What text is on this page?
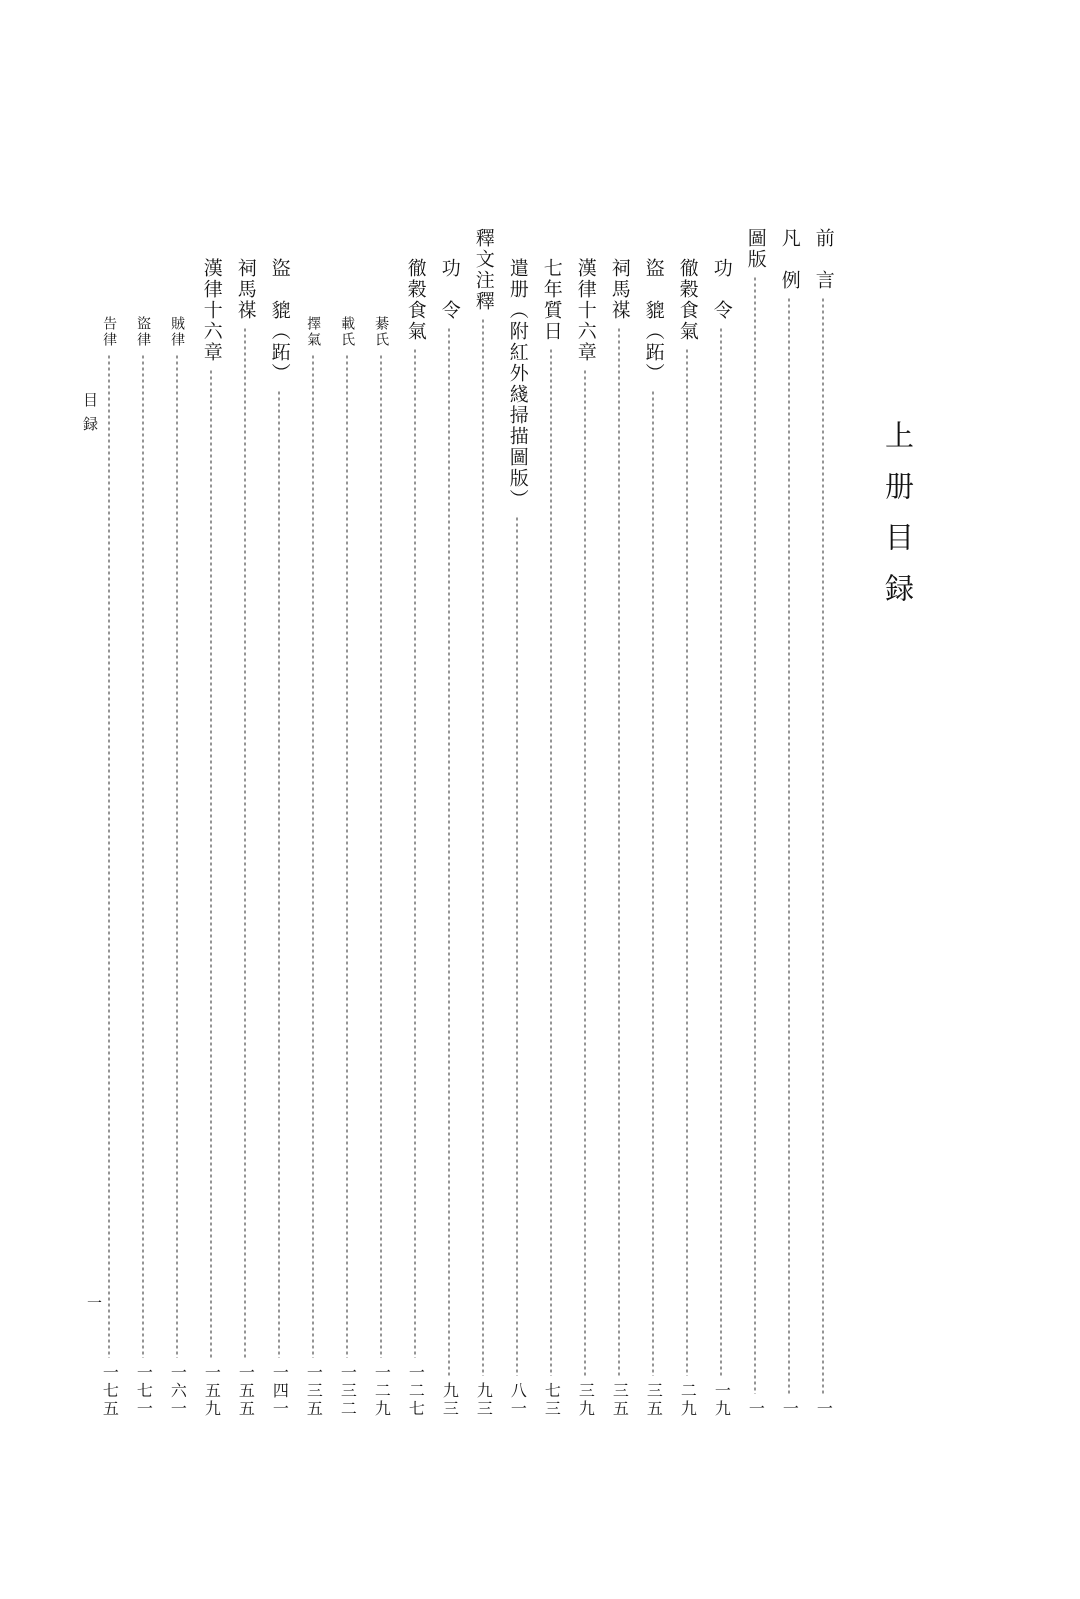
上册目録
目録
一
前　言
一
凡　例
一
圖版
一
功　令
一九
徹穀食氣
二九
盜　貔（跖）
三五
祠馬禖
三五
漢律十六章
三九
七年質日
七三
遣册（附紅外綫掃描圖版）
八一
釋文注釋
九三
功　令
九三
徹穀食氣
一二七
綦氏
一二九
載氏
一三二
擇氣
一三五
盜　貔（跖）
一四一
祠馬禖
一五五
漢律十六章
一五九
賊律
一六一
盜律
一七一
告律
一七五
